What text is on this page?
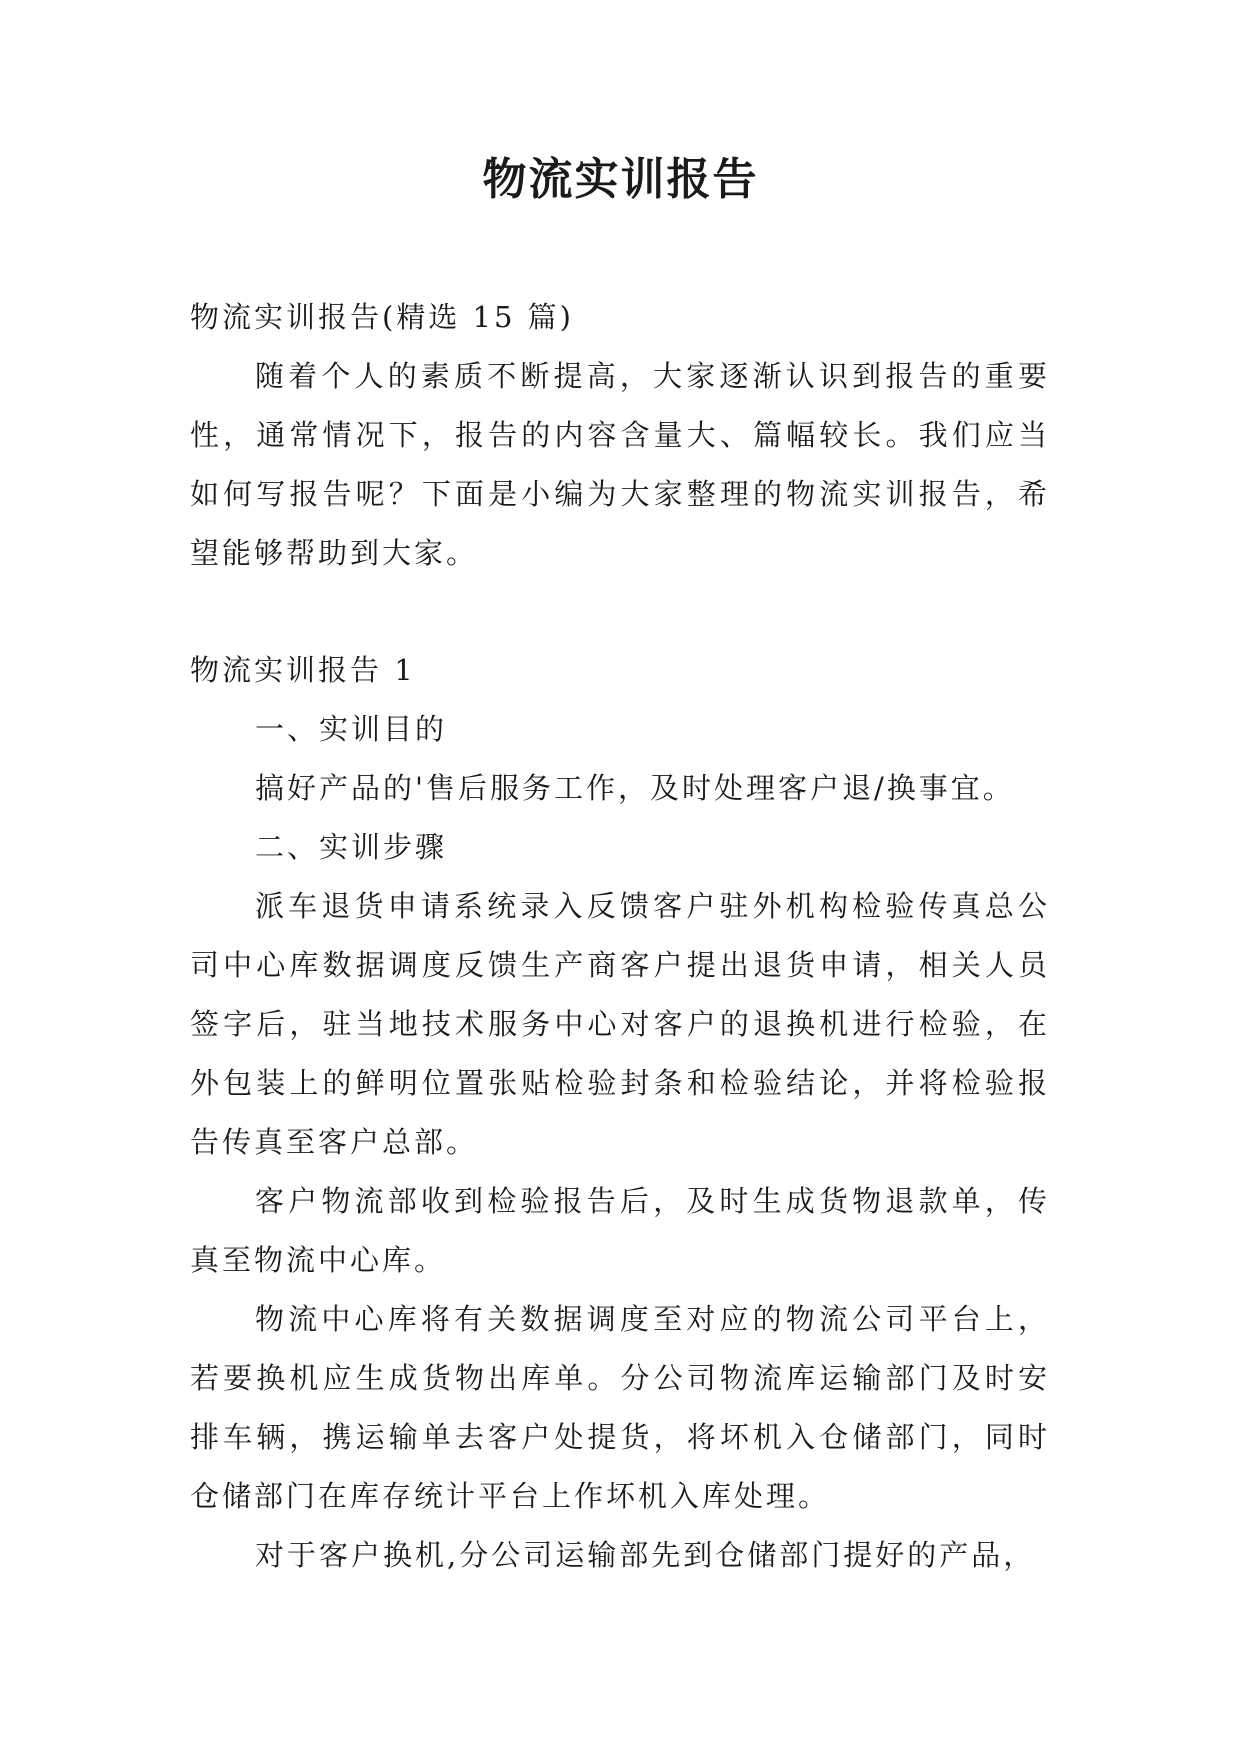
物流实训报告

物流实训报告(精选 15 篇)

随着个人的素质不断提高，大家逐渐认识到报告的重要性，通常情况下，报告的内容含量大、篇幅较长。我们应当如何写报告呢？下面是小编为大家整理的物流实训报告，希望能够帮助到大家。

物流实训报告 1

一、实训目的

搞好产品的'售后服务工作，及时处理客户退/换事宜。

二、实训步骤

派车退货申请系统录入反馈客户驻外机构检验传真总公司中心库数据调度反馈生产商客户提出退货申请，相关人员签字后，驻当地技术服务中心对客户的退换机进行检验，在外包装上的鲜明位置张贴检验封条和检验结论，并将检验报告传真至客户总部。

客户物流部收到检验报告后，及时生成货物退款单，传真至物流中心库。

物流中心库将有关数据调度至对应的物流公司平台上，若要换机应生成货物出库单。分公司物流库运输部门及时安排车辆，携运输单去客户处提货，将坏机入仓储部门，同时仓储部门在库存统计平台上作坏机入库处理。

对于客户换机,分公司运输部先到仓储部门提好的产品，
